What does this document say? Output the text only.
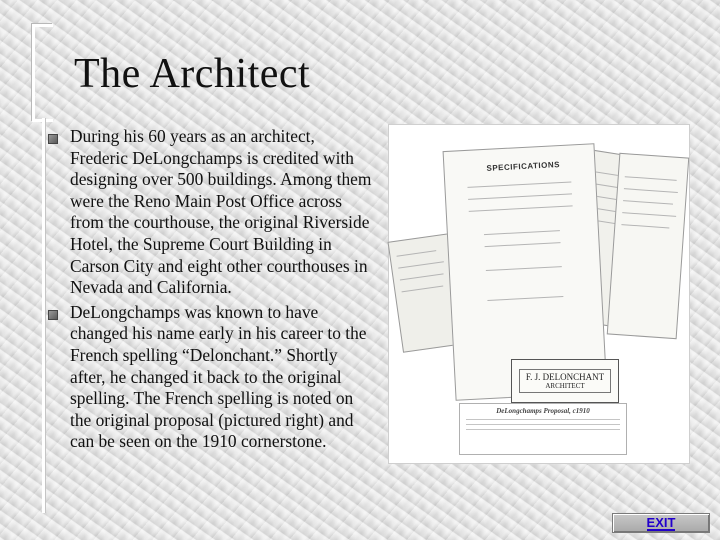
The Architect
During his 60 years as an architect, Frederic DeLongchamps is credited with designing over 500 buildings. Among them were the Reno Main Post Office across from the courthouse, the original Riverside Hotel, the Supreme Court Building in Carson City and eight other courthouses in Nevada and California.
DeLongchamps was known to have changed his name early in his career to the French spelling “Delonchant.” Shortly after, he changed it back to the original spelling. The French spelling is noted on the original proposal (pictured right) and can be seen on the 1910 cornerstone.
SPECIFICATIONS
F. J. DELONCHANT
ARCHITECT
DeLongchamps Proposal, c1910
EXIT
